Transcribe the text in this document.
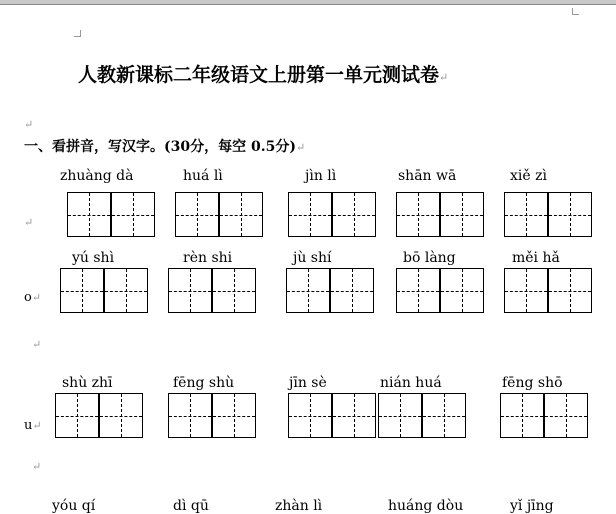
人教新课标二年级语文上册第一单元测试卷↵
↵
一、看拼音，写汉字。(30分，每空 0.5分)↵
zhuàng dà	huá lì	jìn lì	shān wā	xiě zì
↵
yú shì	rèn shi	jù shí	bō làng	měi hǎ
o↵
shù zhī	fēng shù	jīn sè	nián huá	fēng shō
u↵
yóu qí	dì qū	zhàn lì	huáng dòu	yǐ jīng
↵
↵
